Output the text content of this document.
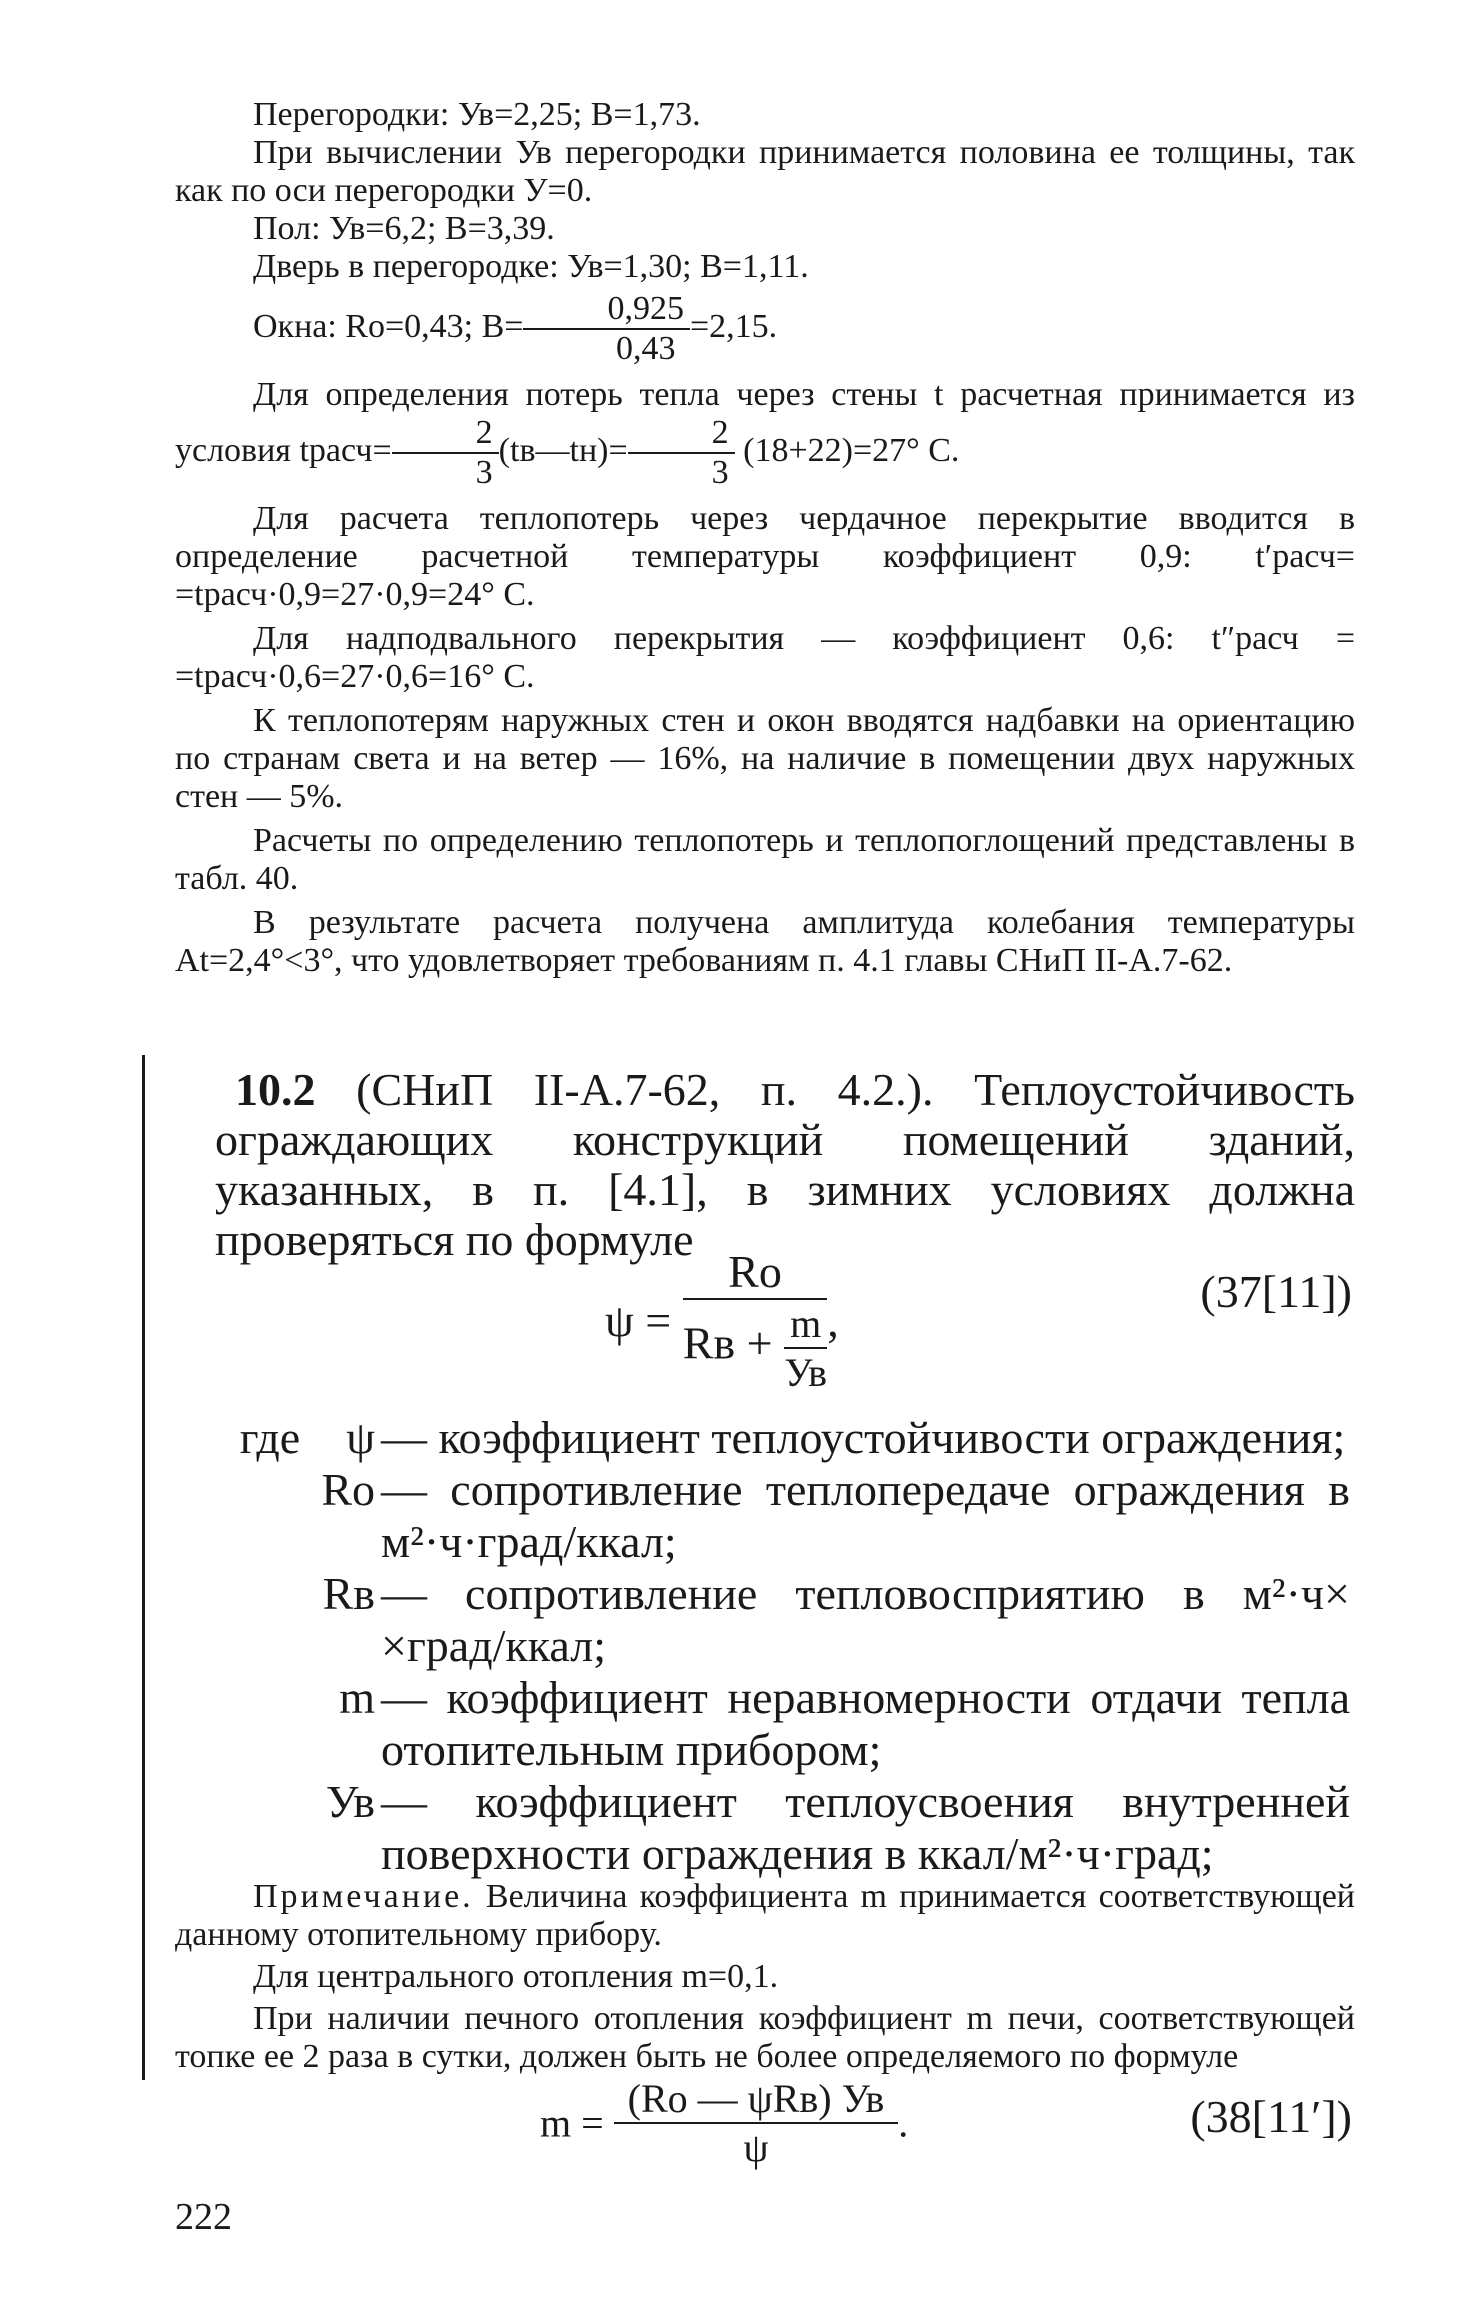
Перегородки: Ув=2,25; В=1,73.

При вычислении Ув перегородки принимается половина ее толщины, так как по оси перегородки У=0.

Пол: Ув=6,2; В=3,39.

Дверь в перегородке: Ув=1,30; В=1,11.

Окна: Rо=0,43; $В= \frac{0,925}{0,43} =2,15$.

Для определения потерь тепла через стены t расчетная принимается из условия tрасч= $\frac{2}{3}$ (tв—tн)= $\frac{2}{3} (18+22)=27^\circ$ С.

Для расчета теплопотерь через чердачное перекрытие вводится в определение расчетной температуры коэффициент 0,9: t′расч= =tрасч·0,9=27·0,9=24° С.

Для надподвального перекрытия — коэффициент 0,6: t″расч = =tрасч·0,6=27·0,6=16° С.

К теплопотерям наружных стен и окон вводятся надбавки на ориентацию по странам света и на ветер — 16%, на наличие в помещении двух наружных стен — 5%.

Расчеты по определению теплопотерь и теплопоглощений представлены в табл. 40.

В результате расчета получена амплитуда колебания температуры Аt=2,4°<3°, что удовлетворяет требованиям п. 4.1 главы СНиП II-А.7-62.

10.2 (СНиП II-А.7-62, п. 4.2.). Теплоустойчивость ограждающих конструкций помещений зданий, указанных, в п. [4.1], в зимних условиях должна проверяться по формуле

$\psi = \frac{Rо}{Rв + \frac{m}{Ув}}$ ,
(37[11])
где ψ — коэффициент теплоустойчивости ограждения;
Rо — сопротивление теплопередаче ограждения в м²·ч·град/ккал;
Rв — сопротивление тепловосприятию в м²·ч× ×град/ккал;
m — коэффициент неравномерности отдачи тепла отопительным прибором;
Ув — коэффициент теплоусвоения внутренней поверхности ограждения в ккал/м²·ч·град;

Примечание. Величина коэффициента m принимается соответствующей данному отопительному прибору.

Для центрального отопления m=0,1.

При наличии печного отопления коэффициент m печи, соответствующей топке ее 2 раза в сутки, должен быть не более определяемого по формуле

$m = \frac{\text{(Rо — ψRв) Ув}}{\psi}$ .	(38[11′])
222
